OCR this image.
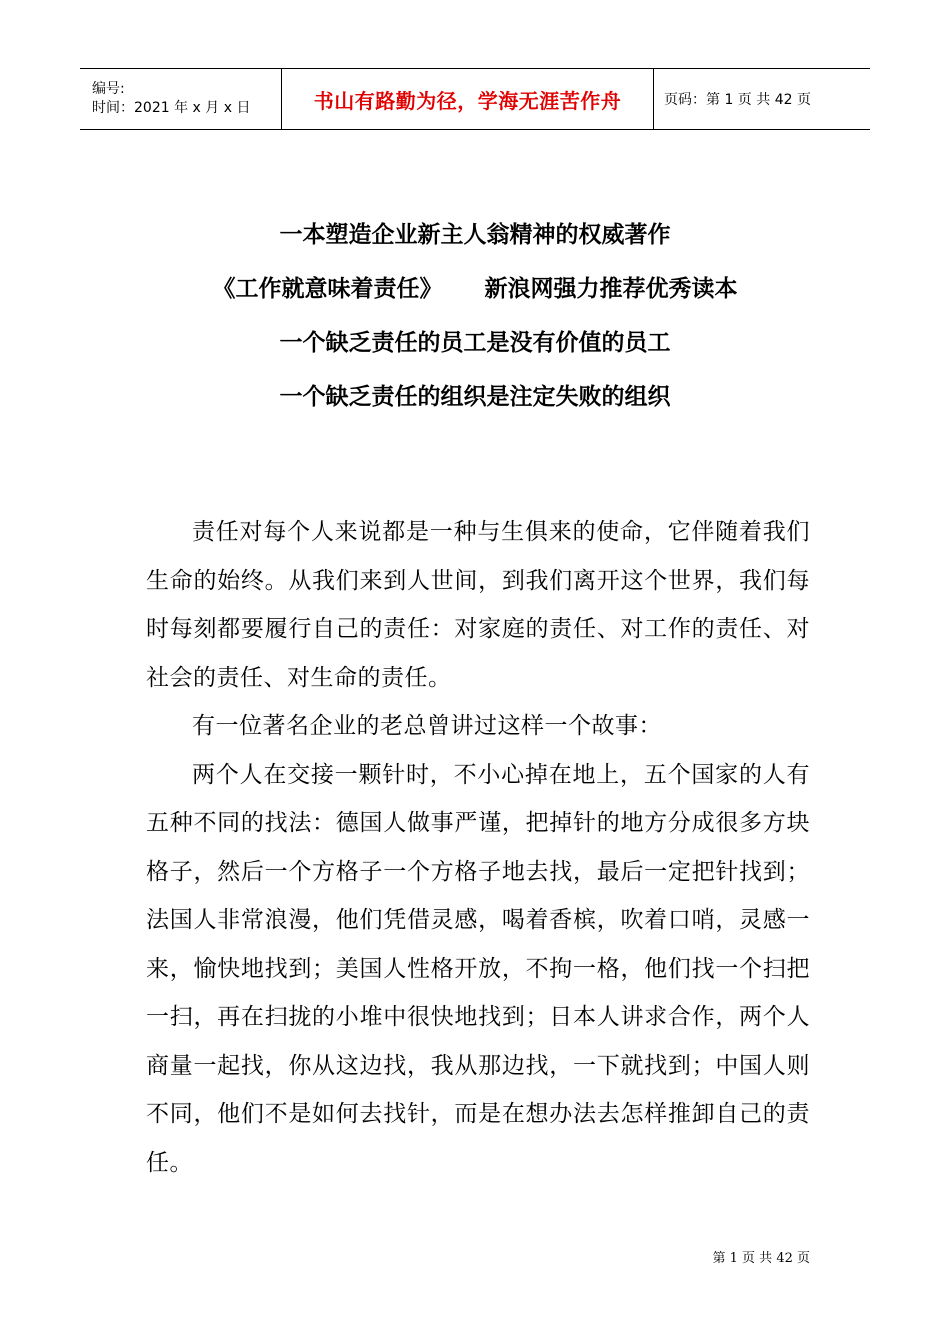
编号:
时间：2021 年 x 月 x 日	书山有路勤为径，学海无涯苦作舟	页码：第 1 页 共 42 页
一本塑造企业新主人翁精神的权威著作
《工作就意味着责任》 新浪网强力推荐优秀读本
一个缺乏责任的员工是没有价值的员工
一个缺乏责任的组织是注定失败的组织

责任对每个人来说都是一种与生俱来的使命，它伴随着我们生命的始终。从我们来到人世间，到我们离开这个世界，我们每时每刻都要履行自己的责任：对家庭的责任、对工作的责任、对社会的责任、对生命的责任。

有一位著名企业的老总曾讲过这样一个故事：

两个人在交接一颗针时，不小心掉在地上，五个国家的人有五种不同的找法：德国人做事严谨，把掉针的地方分成很多方块格子，然后一个方格子一个方格子地去找，最后一定把针找到；法国人非常浪漫，他们凭借灵感，喝着香槟，吹着口哨，灵感一来，愉快地找到；美国人性格开放，不拘一格，他们找一个扫把一扫，再在扫拢的小堆中很快地找到；日本人讲求合作，两个人商量一起找，你从这边找，我从那边找，一下就找到；中国人则不同，他们不是如何去找针，而是在想办法去怎样推卸自己的责任。

第 1 页 共 42 页
